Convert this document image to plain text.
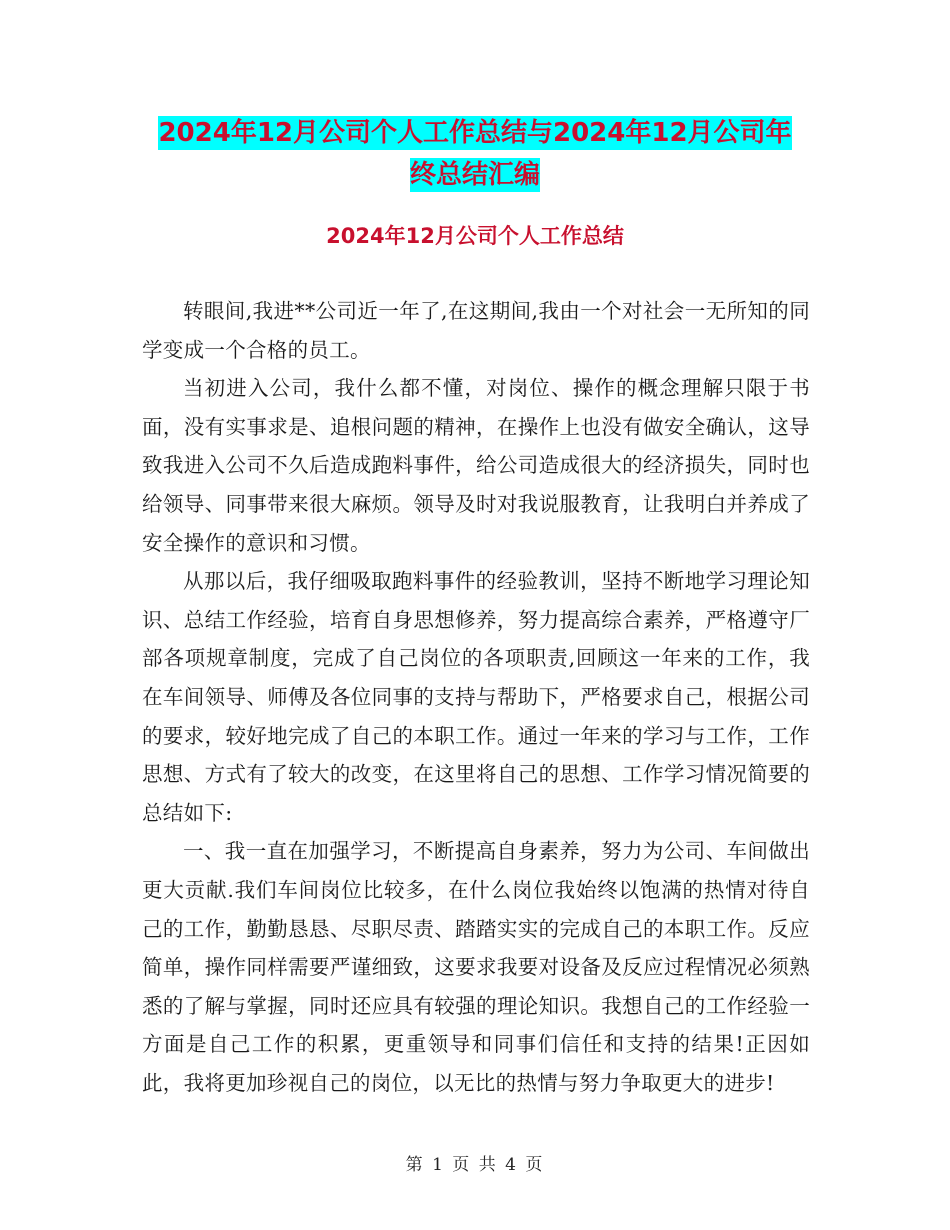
2024年12月公司个人工作总结与2024年12月公司年
终总结汇编
2024年12月公司个人工作总结

转眼间,我进**公司近一年了,在这期间,我由一个对社会一无所知的同学变成一个合格的员工。

当初进入公司，我什么都不懂，对岗位、操作的概念理解只限于书面，没有实事求是、追根问题的精神，在操作上也没有做安全确认，这导致我进入公司不久后造成跑料事件，给公司造成很大的经济损失，同时也给领导、同事带来很大麻烦。领导及时对我说服教育，让我明白并养成了安全操作的意识和习惯。

从那以后，我仔细吸取跑料事件的经验教训，坚持不断地学习理论知识、总结工作经验，培育自身思想修养，努力提高综合素养，严格遵守厂部各项规章制度，完成了自己岗位的各项职责,回顾这一年来的工作，我在车间领导、师傅及各位同事的支持与帮助下，严格要求自己，根据公司的要求，较好地完成了自己的本职工作。通过一年来的学习与工作，工作思想、方式有了较大的改变，在这里将自己的思想、工作学习情况简要的总结如下:

一、我一直在加强学习，不断提高自身素养，努力为公司、车间做出更大贡献.我们车间岗位比较多，在什么岗位我始终以饱满的热情对待自己的工作，勤勤恳恳、尽职尽责、踏踏实实的完成自己的本职工作。反应简单，操作同样需要严谨细致，这要求我要对设备及反应过程情况必须熟悉的了解与掌握，同时还应具有较强的理论知识。我想自己的工作经验一方面是自己工作的积累，更重领导和同事们信任和支持的结果!正因如此，我将更加珍视自己的岗位，以无比的热情与努力争取更大的进步!

第 1 页 共 4 页
